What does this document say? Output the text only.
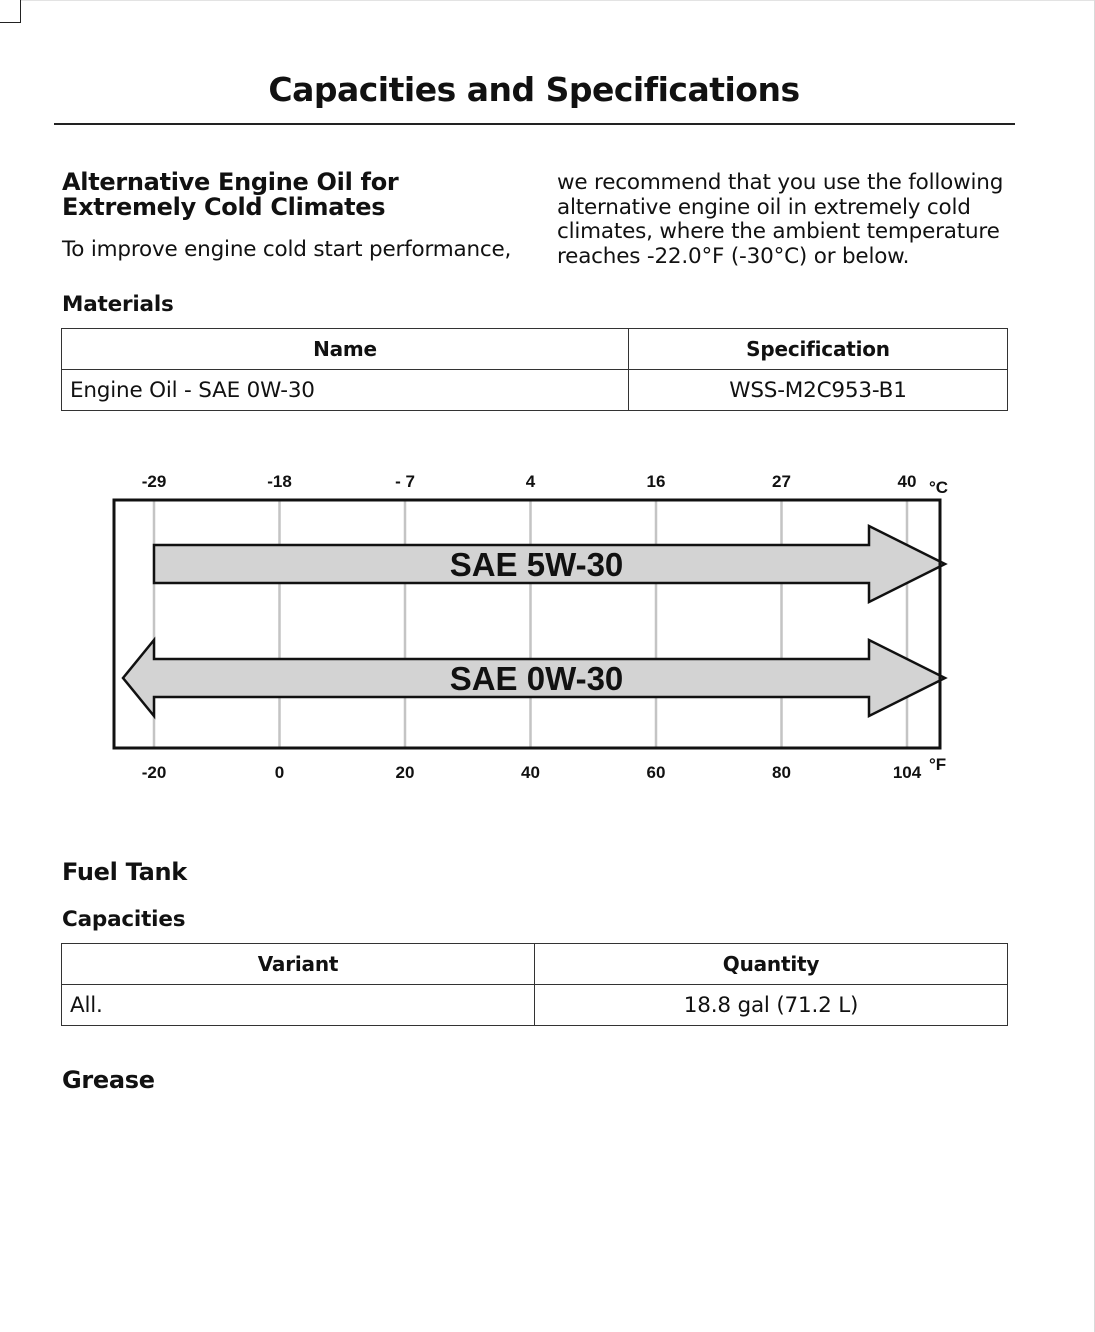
Capacities and Specifications
Alternative Engine Oil for Extremely Cold Climates

To improve engine cold start performance,

we recommend that you use the following alternative engine oil in extremely cold climates, where the ambient temperature reaches -22.0°F (-30°C) or below.

Materials
Name	Specification
Engine Oil - SAE 0W-30	WSS-M2C953-B1
SAE 5W-30
SAE 0W-30
-29	-18	- 7	4	16	27	40
-20	0	20	40	60	80	104
°C
°F
Fuel Tank
Capacities
Variant	Quantity
All.	18.8 gal (71.2 L)
Grease
